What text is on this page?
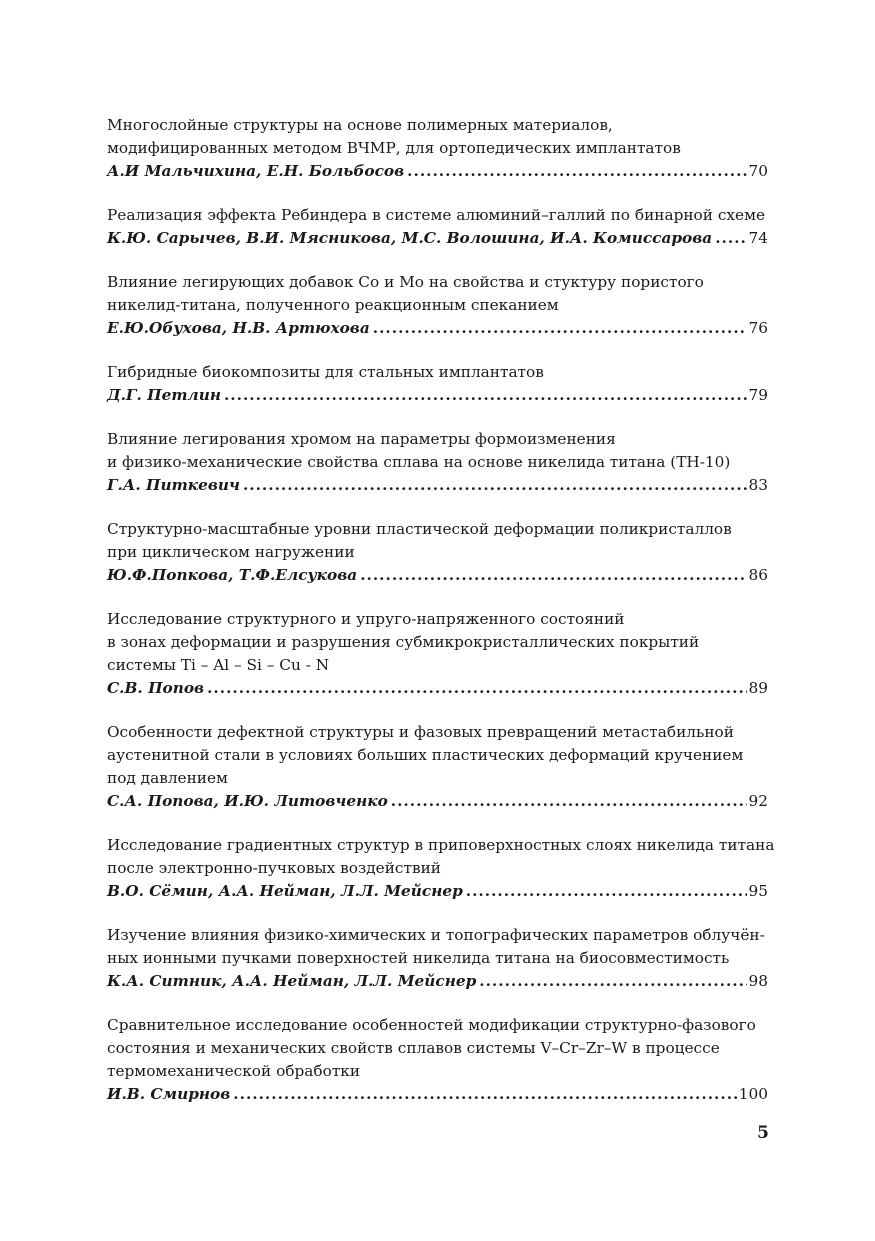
Многослойные структуры на основе полимерных материалов,
модифицированных методом ВЧМР, для ортопедических имплантатов
А.И Мальчихина, Е.Н. Больбосов .....	70
Реализация эффекта Ребиндера в системе алюминий–галлий по бинарной схеме
К.Ю. Сарычев, В.И. Мясникова, М.С. Волошина, И.А. Комиссарова ..... 74
Влияние легирующих добавок Со и Мо на свойства и стуктуру пористого
никелид-титана, полученного реакционным спеканием
Е.Ю.Обухова, Н.В. Артюхова .....	76
Гибридные биокомпозиты для стальных имплантатов
Д.Г. Петлин .....	79
Влияние легирования хромом на параметры формоизменения
и физико-механические свойства сплава на основе никелида титана (ТН-10)
Г.А. Питкевич .....	83
Структурно-масштабные уровни пластической деформации поликристаллов
при циклическом нагружении
Ю.Ф.Попкова, Т.Ф.Елсукова .....	86
Исследование структурного и упруго-напряженного состояний
в зонах деформации и разрушения субмикрокристаллических покрытий
системы Ti – Al – Si – Cu - N
С.В. Попов .....	89
Особенности дефектной структуры и фазовых превращений метастабильной
аустенитной стали в условиях больших пластических деформаций кручением
под давлением
С.А. Попова, И.Ю. Литовченко .....	92
Исследование градиентных структур в приповерхностных слоях никелида титана
после электронно-пучковых воздействий
В.О. Сёмин, А.А. Нейман, Л.Л. Мейснер .....	95
Изучение влияния физико-химических и топографических параметров облучён-
ных ионными пучками поверхностей никелида титана на биосовместимость
К.А. Ситник, А.А. Нейман, Л.Л. Мейснер .....	98
Сравнительное исследование особенностей модификации структурно-фазового
состояния и механических свойств сплавов системы V–Cr–Zr–W в процессе
термомеханической обработки
И.В. Смирнов .....	100
5
